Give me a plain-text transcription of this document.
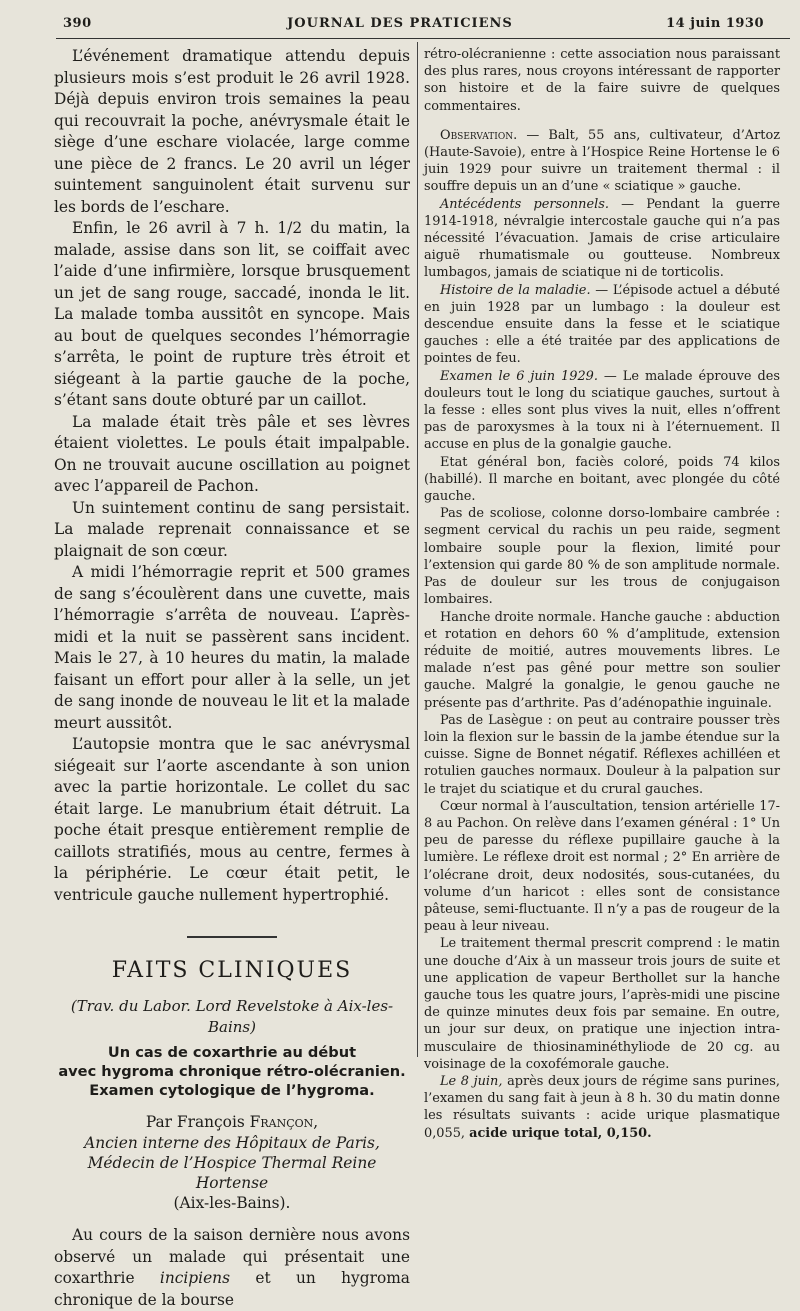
390	JOURNAL DES PRATICIENS	14 juin 1930

L’événement dramatique attendu depuis plusieurs mois s’est produit le 26 avril 1928. Déjà depuis environ trois semaines la peau qui recouvrait la poche, anévrysmale était le siège d’une eschare violacée, large comme une pièce de 2 francs. Le 20 avril un léger suintement sanguinolent était survenu sur les bords de l’eschare.

Enfin, le 26 avril à 7 h. 1/2 du matin, la malade, assise dans son lit, se coiffait avec l’aide d’une infirmière, lorsque brusquement un jet de sang rouge, saccadé, inonda le lit. La malade tomba aussitôt en syncope. Mais au bout de quelques secondes l’hémorragie s’arrêta, le point de rupture très étroit et siégeant à la partie gauche de la poche, s’étant sans doute obturé par un caillot.

La malade était très pâle et ses lèvres étaient violettes. Le pouls était impalpable. On ne trouvait aucune oscillation au poignet avec l’appareil de Pachon.

Un suintement continu de sang persistait. La malade reprenait connaissance et se plaignait de son cœur.

A midi l’hémorragie reprit et 500 grames de sang s’écoulèrent dans une cuvette, mais l’hémorragie s’arrêta de nouveau. L’après-midi et la nuit se passèrent sans incident. Mais le 27, à 10 heures du matin, la malade faisant un effort pour aller à la selle, un jet de sang inonde de nouveau le lit et la malade meurt aussitôt.

L’autopsie montra que le sac anévrysmal siégeait sur l’aorte ascendante à son union avec la partie horizontale. Le collet du sac était large. Le manubrium était détruit. La poche était presque entièrement remplie de caillots stratifiés, mous au centre, fermes à la périphérie. Le cœur était petit, le ventricule gauche nullement hypertrophié.

FAITS CLINIQUES
(Trav. du Labor. Lord Revelstoke à Aix-les-Bains)
Un cas de coxarthrie au début
avec hygroma chronique rétro-olécranien.
Examen cytologique de l’hygroma.
Par François Françon,
Ancien interne des Hôpitaux de Paris,
Médecin de l’Hospice Thermal Reine Hortense
(Aix-les-Bains).

Au cours de la saison dernière nous avons observé un malade qui présentait une coxarthrie incipiens et un hygroma chronique de la bourse

rétro-olécranienne : cette association nous paraissant des plus rares, nous croyons intéressant de rapporter son histoire et de la faire suivre de quelques commentaires.

Observation. — Balt, 55 ans, cultivateur, d’Artoz (Haute-Savoie), entre à l’Hospice Reine Hortense le 6 juin 1929 pour suivre un traitement thermal : il souffre depuis un an d’une « sciatique » gauche.

Antécédents personnels. — Pendant la guerre 1914-1918, névralgie intercostale gauche qui n’a pas nécessité l’évacuation. Jamais de crise articulaire aiguë rhumatismale ou goutteuse. Nombreux lumbagos, jamais de sciatique ni de torticolis.

Histoire de la maladie. — L’épisode actuel a débuté en juin 1928 par un lumbago : la douleur est descendue ensuite dans la fesse et le sciatique gauches : elle a été traitée par des applications de pointes de feu.

Examen le 6 juin 1929. — Le malade éprouve des douleurs tout le long du sciatique gauches, surtout à la fesse : elles sont plus vives la nuit, elles n’offrent pas de paroxysmes à la toux ni à l’éternuement. Il accuse en plus de la gonalgie gauche.

Etat général bon, faciès coloré, poids 74 kilos (habillé). Il marche en boitant, avec plongée du côté gauche.

Pas de scoliose, colonne dorso-lombaire cambrée : segment cervical du rachis un peu raide, segment lombaire souple pour la flexion, limité pour l’extension qui garde 80 % de son amplitude normale. Pas de douleur sur les trous de conjugaison lombaires.

Hanche droite normale. Hanche gauche : abduction et rotation en dehors 60 % d’amplitude, extension réduite de moitié, autres mouvements libres. Le malade n’est pas gêné pour mettre son soulier gauche. Malgré la gonalgie, le genou gauche ne présente pas d’arthrite. Pas d’adénopathie inguinale.

Pas de Lasègue : on peut au contraire pousser très loin la flexion sur le bassin de la jambe étendue sur la cuisse. Signe de Bonnet négatif. Réflexes achilléen et rotulien gauches normaux. Douleur à la palpation sur le trajet du sciatique et du crural gauches.

Cœur normal à l’auscultation, tension artérielle 17-8 au Pachon. On relève dans l’examen général : 1° Un peu de paresse du réflexe pupillaire gauche à la lumière. Le réflexe droit est normal ; 2° En arrière de l’olécrane droit, deux nodosités, sous-cutanées, du volume d’un haricot : elles sont de consistance pâteuse, semi-fluctuante. Il n’y a pas de rougeur de la peau à leur niveau.

Le traitement thermal prescrit comprend : le matin une douche d’Aix à un masseur trois jours de suite et une application de vapeur Berthollet sur la hanche gauche tous les quatre jours, l’après-midi une piscine de quinze minutes deux fois par semaine. En outre, un jour sur deux, on pratique une injection intra-musculaire de thiosinaminéthyliode de 20 cg. au voisinage de la coxofémorale gauche.

Le 8 juin, après deux jours de régime sans purines, l’examen du sang fait à jeun à 8 h. 30 du matin donne les résultats suivants : acide urique plasmatique 0,055, acide urique total, 0,150.
